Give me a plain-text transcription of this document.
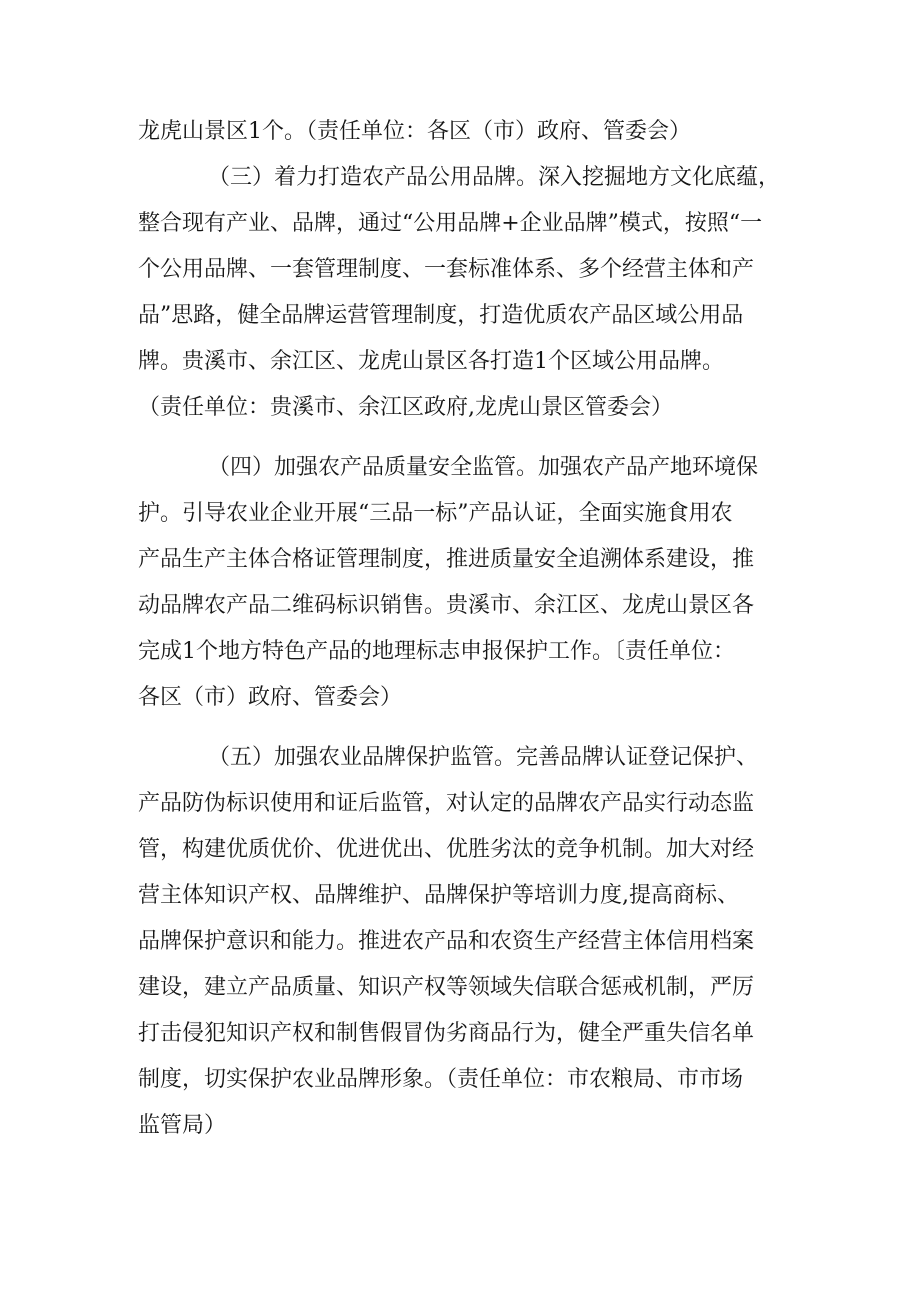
龙虎山景区1个。（责任单位：各区（市）政府、管委会）

（三）着力打造农产品公用品牌。深入挖掘地方文化底蕴，

整合现有产业、品牌，通过“公用品牌+企业品牌”模式，按照“一

个公用品牌、一套管理制度、一套标准体系、多个经营主体和产

品”思路，健全品牌运营管理制度，打造优质农产品区域公用品

牌。贵溪市、余江区、龙虎山景区各打造1个区域公用品牌。

（责任单位：贵溪市、余江区政府,龙虎山景区管委会）

（四）加强农产品质量安全监管。加强农产品产地环境保

护。引导农业企业开展“三品一标”产品认证，全面实施食用农

产品生产主体合格证管理制度，推进质量安全追溯体系建设，推

动品牌农产品二维码标识销售。贵溪市、余江区、龙虎山景区各

完成1个地方特色产品的地理标志申报保护工作。〔责任单位：

各区（市）政府、管委会）

（五）加强农业品牌保护监管。完善品牌认证登记保护、

产品防伪标识使用和证后监管，对认定的品牌农产品实行动态监

管，构建优质优价、优进优出、优胜劣汰的竞争机制。加大对经

营主体知识产权、品牌维护、品牌保护等培训力度,提高商标、

品牌保护意识和能力。推进农产品和农资生产经营主体信用档案

建设，建立产品质量、知识产权等领域失信联合惩戒机制，严厉

打击侵犯知识产权和制售假冒伪劣商品行为，健全严重失信名单

制度，切实保护农业品牌形象。（责任单位：市农粮局、市市场

监管局）
